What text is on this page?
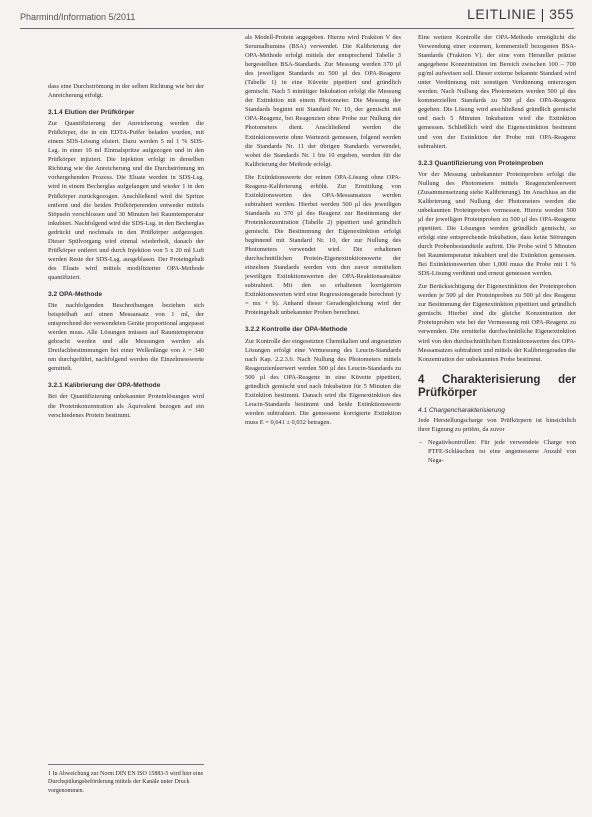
Pharmind/Information 5/2011	LEITLINIE | 355

dass eine Durchströmung in der selben Richtung wie bei der Anreicherung erfolgt.

3.1.4 Elution der Prüfkörper

Zur Quantifizierung der Anreicherung werden die Prüfkörper, die in ein EDTA-Puffer beladen wurden, mit einem SDS-Lösung eluiert. Dazu werden 5 ml 1 % SDS-Lsg. in einer 10 ml Einmalspritze aufgezogen und in den Prüfkörper injiziert. Die Injektion erfolgt in derselben Richtung wie die Anreicherung und die Durchströmung im vorhergehenden Prozess. Die Eluate werden in SDS-Lsg. wird in einem Becherglas aufgefangen und wieder 1 in den Prüfkörper zurückgezogen. Anschließend wird die Spritze entfernt und die beiden Prüfkörperenden entweder mittels Stöpseln verschlossen und 30 Minuten bei Raumtemperatur inkubiert. Nachfolgend wird die SDS-Lsg. in den Becherglas gedrückt und nochmals in den Prüfkörper aufgezogen. Dieser Spülvorgang wird einmal wiederholt, danach der Prüfkörper entleert und durch Injektion von 5 x 20 ml Luft werden Reste der SDS-Lsg. ausgeblasen. Der Proteingehalt des Eluats wird mittels modifizierter OPA-Methode quantifiziert.

3.2 OPA-Methode

Die nachfolgenden Beschreibungen beziehen sich beispielhaft auf einen Messansatz von 1 ml, der entsprechend der verwendeten Geräte proportional angepasst werden muss. Alle Lösungen müssen auf Raumtemperatur gebracht werden und alle Messungen werden als Dreifachbestimmungen bei einer Wellenlänge von λ = 340 nm durchgeführt, nachfolgend werden die Einzelmesswerte gemittelt.

3.2.1 Kalibrierung der OPA-Methode

Bei der Quantifizierung unbekannter Proteinlösungen wird die Proteinkonzentration als Äquivalent bezogen auf ein verschiedenes Protein bestimmt.

1 In Abweichung zur Norm DIN EN ISO 15883-5 wird hier eine Durchspülungsbeförderung mittels der Kanäle unter Druck vorgenommen.

als Modell-Protein angegeben. Hierzu wird Fraktion V des Serumalbumins (BSA) verwendet. Die Kalibrierung der OPA-Methode erfolgt mittels der entsprechend Tabelle 3 hergestellten BSA-Standards. Zur Messung werden 370 µl des jeweiligen Standards zu 500 µl des OPA-Reagenz (Tabelle 1) in eine Küvette pipettiert und gründlich gemischt. Nach 5 minütiger Inkubation erfolgt die Messung der Extinktion mit einem Photometer. Die Messung der Standards beginnt mit Standard Nr. 10, der gemischt mit OPA-Reagenz, bei Reagenzien ohne Probe zur Nullung der Photometers dient. Anschließend werden die Extinktionswerte ohne Wartezeit gemessen, folgend werden die Standards Nr. 11 der übrigen Standards verwendet, wobei die Standards Nr. 1 bis 10 ergeben, werden für die Kalibrierung der Methode erfolgt.

Die Extinktionswerte der reinen OPA-Lösung ohne OPA-Reagenz-Kalibrierung erhöht. Zur Ermittlung von Extinktionswerten des OPA-Messansatzes werden subtrahiert werden. Hierbei werden 500 µl des jeweiligen Standards zu 370 µl des Reagenz zur Bestimmung der Proteinkonzentration (Tabelle 2) pipettiert und gründlich gemischt. Die Bestimmung der Eigenextinktion erfolgt beginnend mit Standard Nr. 10, der zur Nullung des Photometers verwendet wird. Die erhaltenen durchschnittlichen Protein-Eigenextinktionswerte der einzelnen Standards werden von den zuvor ermittelten jeweiligen Extinktionswerten der OPA-Reaktionsansätze subtrahiert. Mit den so erhaltenen korrigierten Extinktionswerten wird eine Regressionsgerade berechnet (y = mx + b). Anhand dieser Geradengleichung wird der Proteingehalt unbekannter Proben berechnet.

3.2.2 Kontrolle der OPA-Methode

Zur Kontrolle der eingesetzten Chemikalien und angesetzten Lösungen erfolgt eine Vermessung des Leucin-Standards nach Kap. 2.2.3.6. Nach Nullung des Photometers mittels Reagenzienleerwert werden 500 µl des Leucin-Standards zu 500 µl des OPA-Reagenz in eine Küvette pipettiert, gründlich gemischt und nach Inkubation für 5 Minuten die Extinktion bestimmt. Danach wird die Eigenextinktion des Leucin-Standards bestimmt und beide Extinktionswerte werden subtrahiert. Die gemessene korrigierte Extinktion muss E = 0,641 ± 0,032 betragen.

Eine weitere Kontrolle der OPA-Methode ermöglicht die Verwendung einer externen, kommerziell bezogenen BSA-Standards (Fraktion V). der eine vom Hersteller präzise angegebene Konzentration im Bereich zwischen 100 – 700 µg/ml aufweisen soll. Dieser externe bekannte Standard wird unter Verdünnung mit sonstigen Verdünnung unterzogen werden. Nach Nullung des Photometers werden 500 µl des kommerziellen Standards zu 500 µl des OPA-Reagenz gegeben. Die Lösung wird anschließend gründlich gemischt und nach 5 Minuten Inkubation wird die Extinktion gemessen. Schließlich wird die Eigenextinktion bestimmt und von der Extinktion der Probe mit OPA-Reagenz subtrahiert.

3.2.3 Quantifizierung von Proteinproben

Vor der Messung unbekannter Proteinproben erfolgt die Nullung des Photometers mittels Reagenzienleerwert (Zusammensetzung siehe Kalibrierung). Im Anschluss an die Kalibrierung und Nullung der Photometers werden die unbekannten Proteinproben vermessen. Hierzu werden 500 µl der jeweiligen Proteinproben zu 500 µl des OPA-Reagenz pipettiert. Die Lösungen werden gründlich gemischt, so erfolgt eine entsprechende Inkubation, dass keine Störungen durch Probenbestandteile auftritt. Die Probe wird 5 Minuten bei Raumtemperatur inkubiert und die Extinktion gemessen. Bei Extinktionswerten über 1,000 muss die Probe mit 1 % SDS-Lösung verdünnt und erneut gemessen werden.

Zur Berücksichtigung der Eigenextinktion der Proteinproben werden je 500 µl der Proteinproben zu 500 µl des Reagenz zur Bestimmung der Eigenextinktion pipettiert und gründlich gemischt. Hierbei sind die gleiche Konzentration der Proteinproben wie bei der Vermessung mit OPA-Reagenz zu verwenden. Die ermittelte durchschnittliche Eigenextinktion wird von den durchschnittlichen Extinktionswerten des OPA-Messansatzes subtrahiert und mittels der Kalibriergeraden die Konzentration der unbekannten Probe bestimmt.

4 Charakterisierung der Prüfkörper
4.1 Chargencharakterisierung

Jede Herstellungscharge von Prüfkörpern ist hinsichtlich ihrer Eignung zu prüfen, da zuvor

– Negativkontrollen: Für jede verwendete Charge von PTFE-Schläuchen ist eine angemessene Anzahl von Nega-
